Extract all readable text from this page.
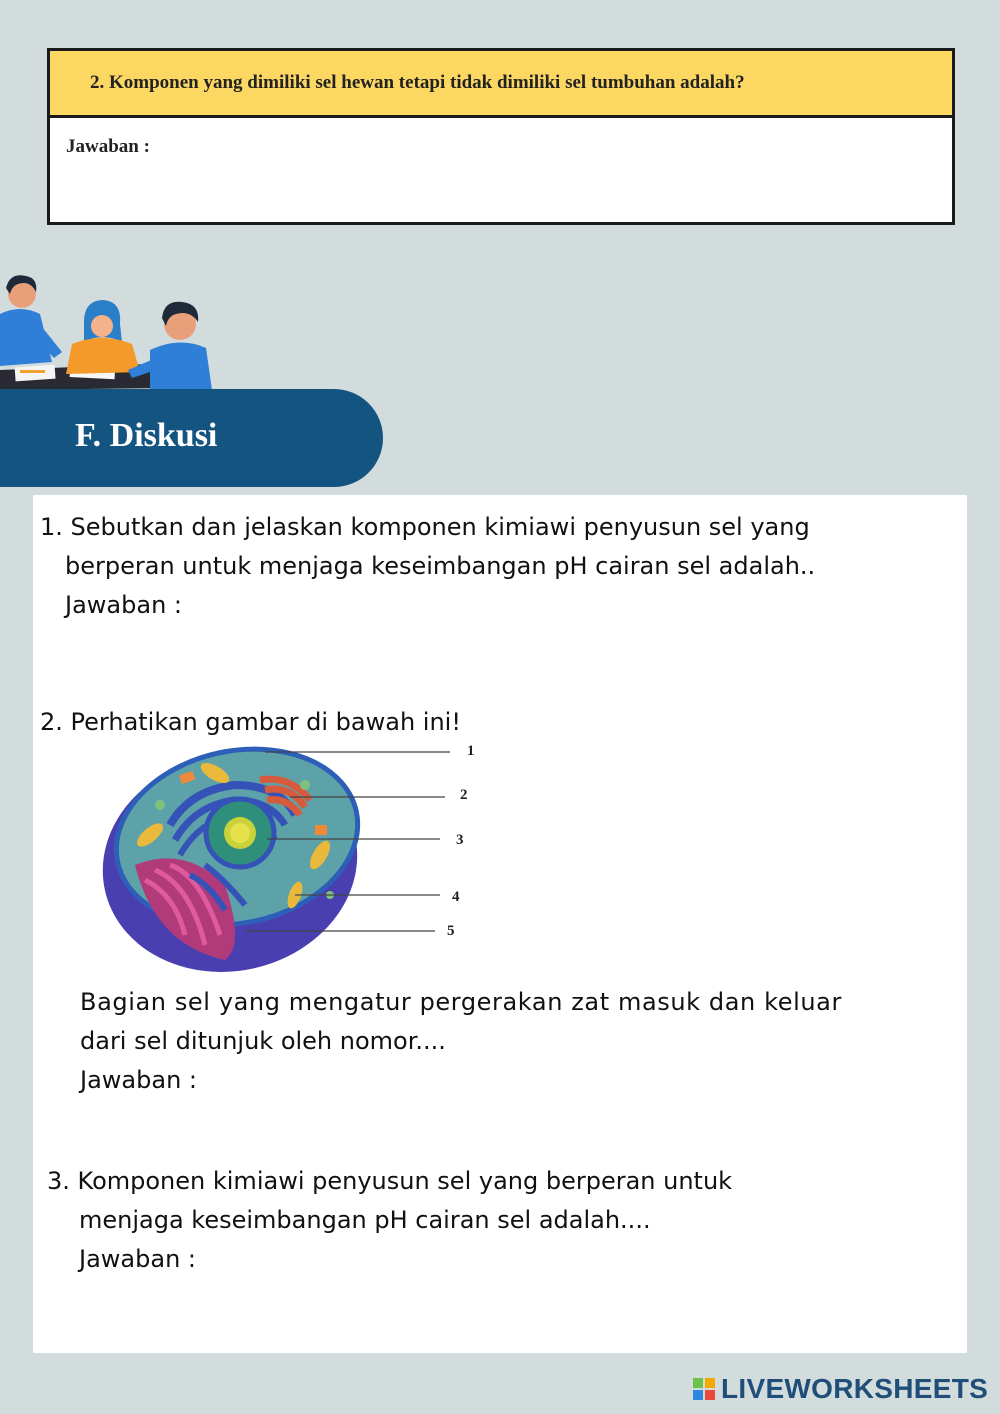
2. Komponen yang dimiliki sel hewan tetapi tidak dimiliki sel tumbuhan adalah?
Jawaban :
F. Diskusi
1. Sebutkan dan jelaskan komponen kimiawi penyusun sel yang
berperan untuk menjaga keseimbangan pH cairan sel adalah..
Jawaban :
2. Perhatikan gambar di bawah ini!
1
2
3
4
5
Bagian sel yang mengatur pergerakan zat masuk dan keluar
dari sel ditunjuk oleh nomor....
Jawaban :
3. Komponen kimiawi penyusun sel yang berperan untuk
menjaga keseimbangan pH cairan sel adalah....
Jawaban :
LIVEWORKSHEETS
